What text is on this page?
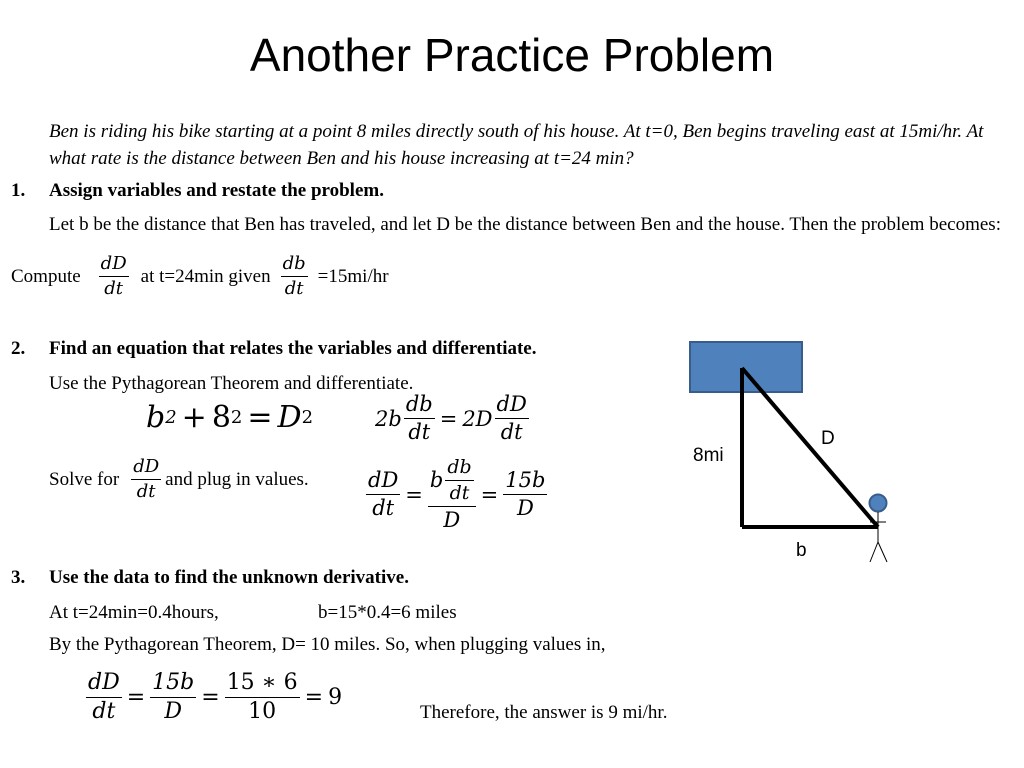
Another Practice Problem
Ben is riding his bike starting at a point 8 miles directly south of his house. At t=0, Ben begins traveling east at 15mi/hr. At what rate is the distance between Ben and his house increasing at t=24 min?
1. Assign variables and restate the problem.
Let b be the distance that Ben has traveled, and let D be the distance between Ben and the house. Then the problem becomes:
Compute $\frac{dD}{dt}$ at t=24min given $\frac{db}{dt} =15mi/hr$
2. Find an equation that relates the variables and differentiate.
Use the Pythagorean Theorem and differentiate.
b 2 + 8 2 = D 2	$2b \frac{db}{dt} = 2D \frac{dD}{dt}$
Solve for $\frac{dD}{dt}$ and plug in values.	$\frac{dD}{dt} = \frac{b \frac{db}{dt}}{D} = \frac{15b}{D}$
3. Use the data to find the unknown derivative.
At t=24min=0.4hours,	b=15*0.4=6 miles
By the Pythagorean Theorem, D= 10 miles. So, when plugging values in,
$\frac{dD}{dt} = \frac{15b}{D} = \frac{15 ∗ 6}{10} = 9$
Therefore, the answer is 9 mi/hr.
8mi
D
b
